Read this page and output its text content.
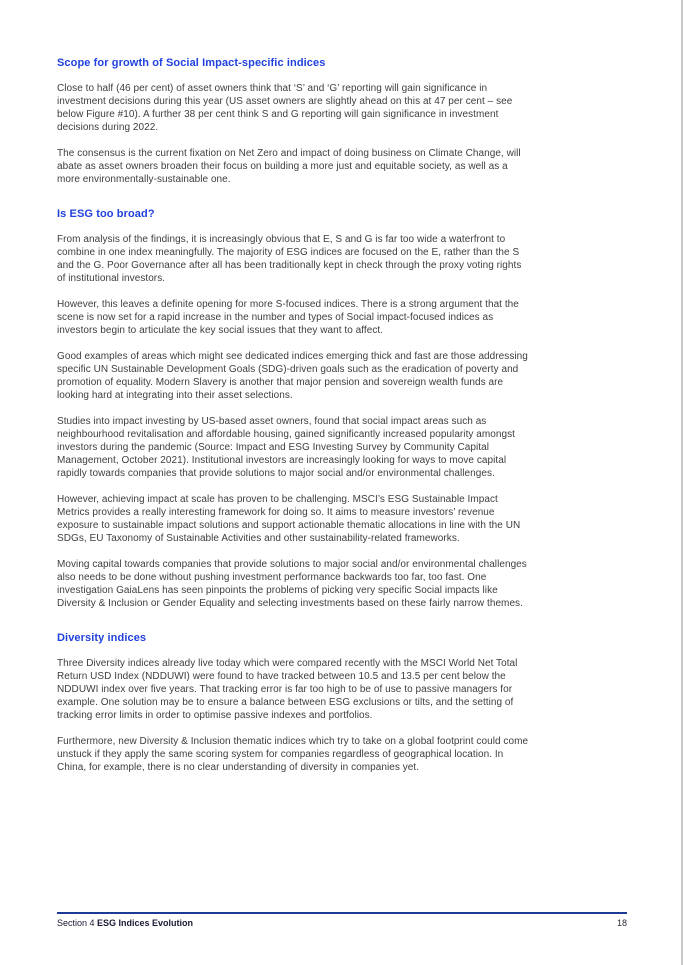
Scope for growth of Social Impact-specific indices

Close to half (46 per cent) of asset owners think that ‘S’ and ‘G’ reporting will gain significance in investment decisions during this year (US asset owners are slightly ahead on this at 47 per cent – see below Figure #10). A further 38 per cent think S and G reporting will gain significance in investment decisions during 2022.

The consensus is the current fixation on Net Zero and impact of doing business on Climate Change, will abate as asset owners broaden their focus on building a more just and equitable society, as well as a more environmentally-sustainable one.

Is ESG too broad?

From analysis of the findings, it is increasingly obvious that E, S and G is far too wide a waterfront to combine in one index meaningfully. The majority of ESG indices are focused on the E, rather than the S and the G. Poor Governance after all has been traditionally kept in check through the proxy voting rights of institutional investors.

However, this leaves a definite opening for more S-focused indices. There is a strong argument that the scene is now set for a rapid increase in the number and types of Social impact-focused indices as investors begin to articulate the key social issues that they want to affect.

Good examples of areas which might see dedicated indices emerging thick and fast are those addressing specific UN Sustainable Development Goals (SDG)-driven goals such as the eradication of poverty and promotion of equality. Modern Slavery is another that major pension and sovereign wealth funds are looking hard at integrating into their asset selections.

Studies into impact investing by US-based asset owners, found that social impact areas such as neighbourhood revitalisation and affordable housing, gained significantly increased popularity amongst investors during the pandemic (Source: Impact and ESG Investing Survey by Community Capital Management, October 2021). Institutional investors are increasingly looking for ways to move capital rapidly towards companies that provide solutions to major social and/or environmental challenges.

However, achieving impact at scale has proven to be challenging. MSCI’s ESG Sustainable Impact Metrics provides a really interesting framework for doing so. It aims to measure investors’ revenue exposure to sustainable impact solutions and support actionable thematic allocations in line with the UN SDGs, EU Taxonomy of Sustainable Activities and other sustainability-related frameworks.

Moving capital towards companies that provide solutions to major social and/or environmental challenges also needs to be done without pushing investment performance backwards too far, too fast. One investigation GaiaLens has seen pinpoints the problems of picking very specific Social impacts like Diversity & Inclusion or Gender Equality and selecting investments based on these fairly narrow themes.

Diversity indices

Three Diversity indices already live today which were compared recently with the MSCI World Net Total Return USD Index (NDDUWI) were found to have tracked between 10.5 and 13.5 per cent below the NDDUWI index over five years. That tracking error is far too high to be of use to passive managers for example. One solution may be to ensure a balance between ESG exclusions or tilts, and the setting of tracking error limits in order to optimise passive indexes and portfolios.

Furthermore, new Diversity & Inclusion thematic indices which try to take on a global footprint could come unstuck if they apply the same scoring system for companies regardless of geographical location. In China, for example, there is no clear understanding of diversity in companies yet.

Section 4 ESG Indices Evolution	18
